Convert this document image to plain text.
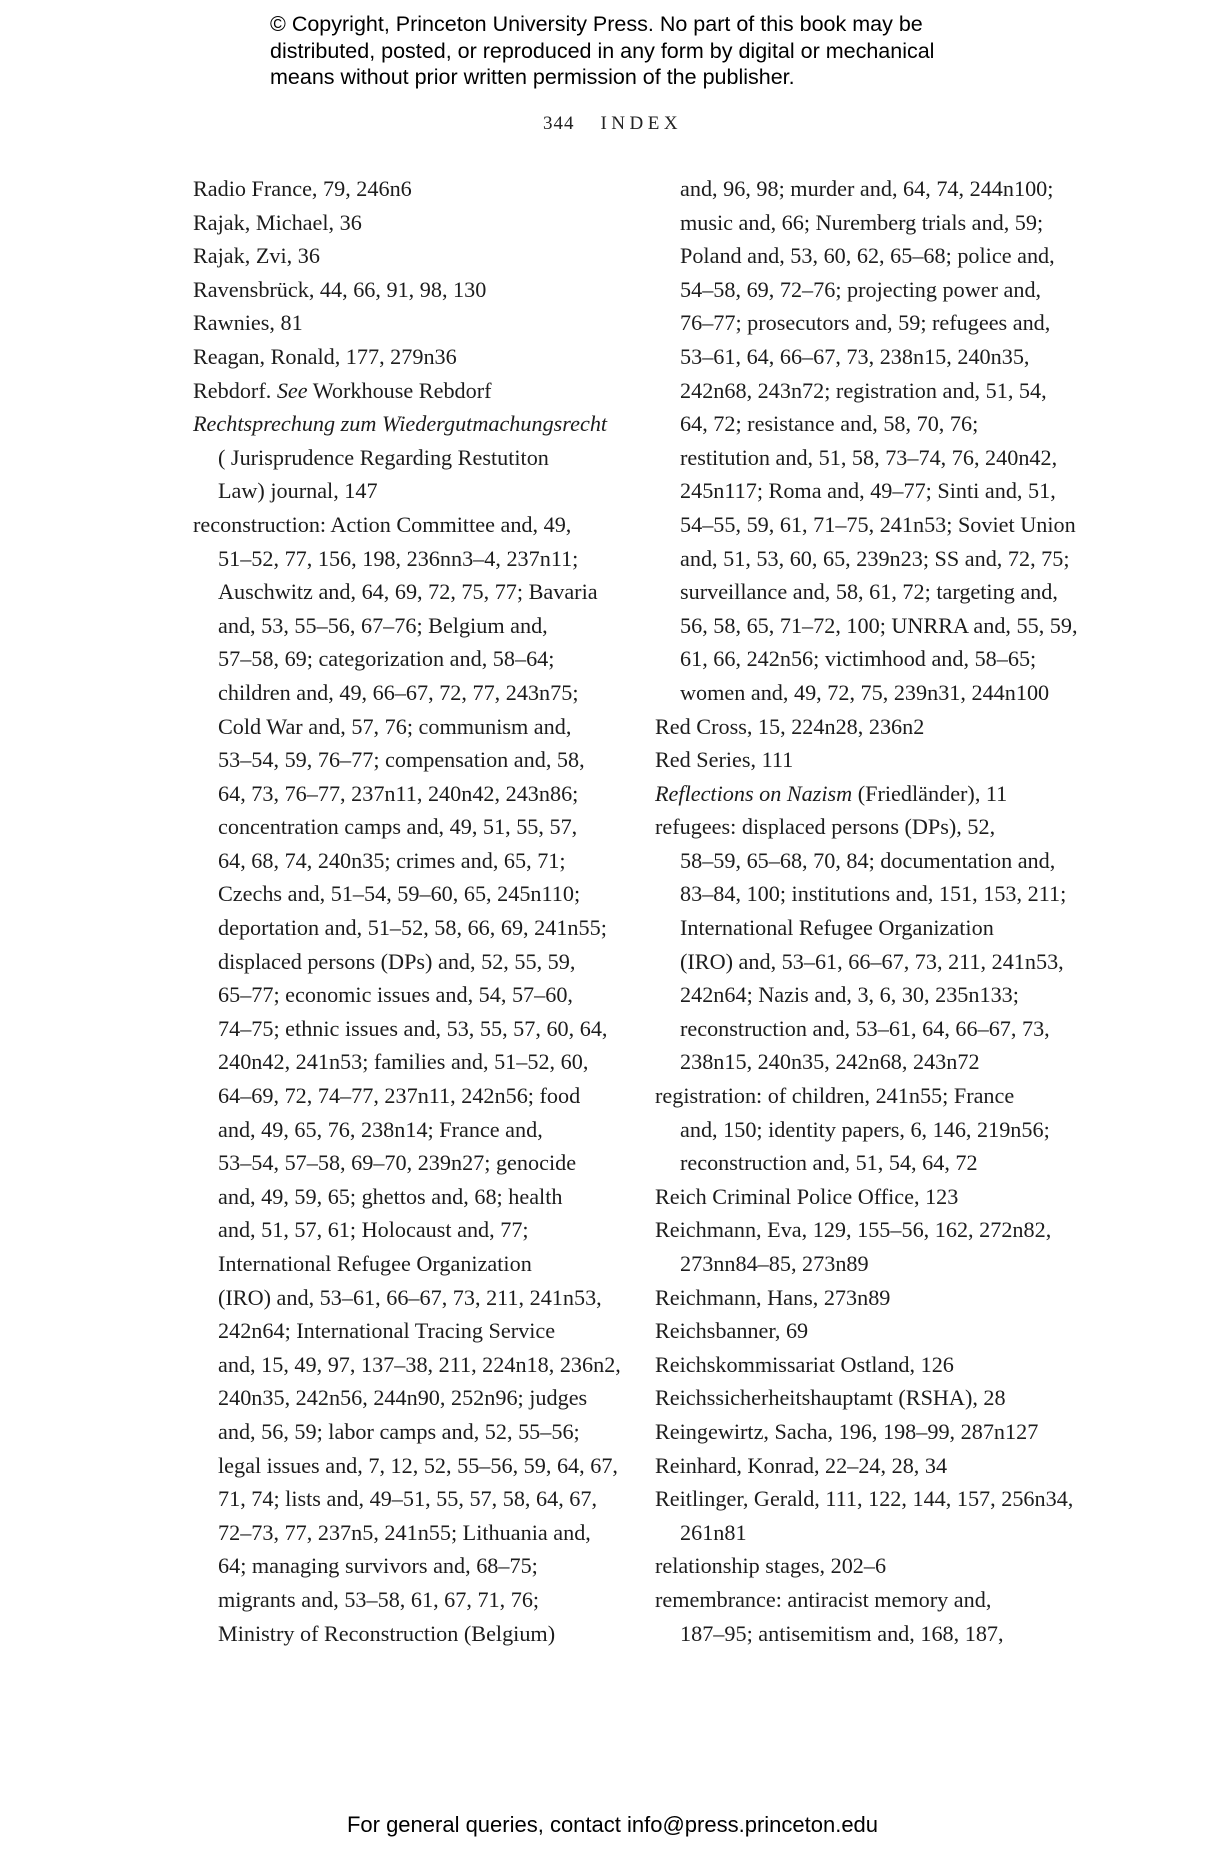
© Copyright, Princeton University Press. No part of this book may be
distributed, posted, or reproduced in any form by digital or mechanical
means without prior written permission of the publisher.
344 INDEX
Radio France, 79, 246n6
Rajak, Michael, 36
Rajak, Zvi, 36
Ravensbrück, 44, 66, 91, 98, 130
Rawnies, 81
Reagan, Ronald, 177, 279n36
Rebdorf. See Workhouse Rebdorf
Rechtsprechung zum Wiedergutmachungsrecht
( Jurisprudence Regarding Restutiton
Law) journal, 147
reconstruction: Action Committee and, 49,
51–52, 77, 156, 198, 236nn3–4, 237n11;
Auschwitz and, 64, 69, 72, 75, 77; Bavaria
and, 53, 55–56, 67–76; Belgium and,
57–58, 69; categorization and, 58–64;
children and, 49, 66–67, 72, 77, 243n75;
Cold War and, 57, 76; communism and,
53–54, 59, 76–77; compensation and, 58,
64, 73, 76–77, 237n11, 240n42, 243n86;
concentration camps and, 49, 51, 55, 57,
64, 68, 74, 240n35; crimes and, 65, 71;
Czechs and, 51–54, 59–60, 65, 245n110;
deportation and, 51–52, 58, 66, 69, 241n55;
displaced persons (DPs) and, 52, 55, 59,
65–77; economic issues and, 54, 57–60,
74–75; ethnic issues and, 53, 55, 57, 60, 64,
240n42, 241n53; families and, 51–52, 60,
64–69, 72, 74–77, 237n11, 242n56; food
and, 49, 65, 76, 238n14; France and,
53–54, 57–58, 69–70, 239n27; genocide
and, 49, 59, 65; ghettos and, 68; health
and, 51, 57, 61; Holocaust and, 77;
International Refugee Organization
(IRO) and, 53–61, 66–67, 73, 211, 241n53,
242n64; International Tracing Service
and, 15, 49, 97, 137–38, 211, 224n18, 236n2,
240n35, 242n56, 244n90, 252n96; judges
and, 56, 59; labor camps and, 52, 55–56;
legal issues and, 7, 12, 52, 55–56, 59, 64, 67,
71, 74; lists and, 49–51, 55, 57, 58, 64, 67,
72–73, 77, 237n5, 241n55; Lithuania and,
64; managing survivors and, 68–75;
migrants and, 53–58, 61, 67, 71, 76;
Ministry of Reconstruction (Belgium)
and, 96, 98; murder and, 64, 74, 244n100;
music and, 66; Nuremberg trials and, 59;
Poland and, 53, 60, 62, 65–68; police and,
54–58, 69, 72–76; projecting power and,
76–77; prosecutors and, 59; refugees and,
53–61, 64, 66–67, 73, 238n15, 240n35,
242n68, 243n72; registration and, 51, 54,
64, 72; resistance and, 58, 70, 76;
restitution and, 51, 58, 73–74, 76, 240n42,
245n117; Roma and, 49–77; Sinti and, 51,
54–55, 59, 61, 71–75, 241n53; Soviet Union
and, 51, 53, 60, 65, 239n23; SS and, 72, 75;
surveillance and, 58, 61, 72; targeting and,
56, 58, 65, 71–72, 100; UNRRA and, 55, 59,
61, 66, 242n56; victimhood and, 58–65;
women and, 49, 72, 75, 239n31, 244n100
Red Cross, 15, 224n28, 236n2
Red Series, 111
Reflections on Nazism (Friedländer), 11
refugees: displaced persons (DPs), 52,
58–59, 65–68, 70, 84; documentation and,
83–84, 100; institutions and, 151, 153, 211;
International Refugee Organization
(IRO) and, 53–61, 66–67, 73, 211, 241n53,
242n64; Nazis and, 3, 6, 30, 235n133;
reconstruction and, 53–61, 64, 66–67, 73,
238n15, 240n35, 242n68, 243n72
registration: of children, 241n55; France
and, 150; identity papers, 6, 146, 219n56;
reconstruction and, 51, 54, 64, 72
Reich Criminal Police Office, 123
Reichmann, Eva, 129, 155–56, 162, 272n82,
273nn84–85, 273n89
Reichmann, Hans, 273n89
Reichsbanner, 69
Reichskommissariat Ostland, 126
Reichssicherheitshauptamt (RSHA), 28
Reingewirtz, Sacha, 196, 198–99, 287n127
Reinhard, Konrad, 22–24, 28, 34
Reitlinger, Gerald, 111, 122, 144, 157, 256n34,
261n81
relationship stages, 202–6
remembrance: antiracist memory and,
187–95; antisemitism and, 168, 187,
For general queries, contact info@press.princeton.edu
